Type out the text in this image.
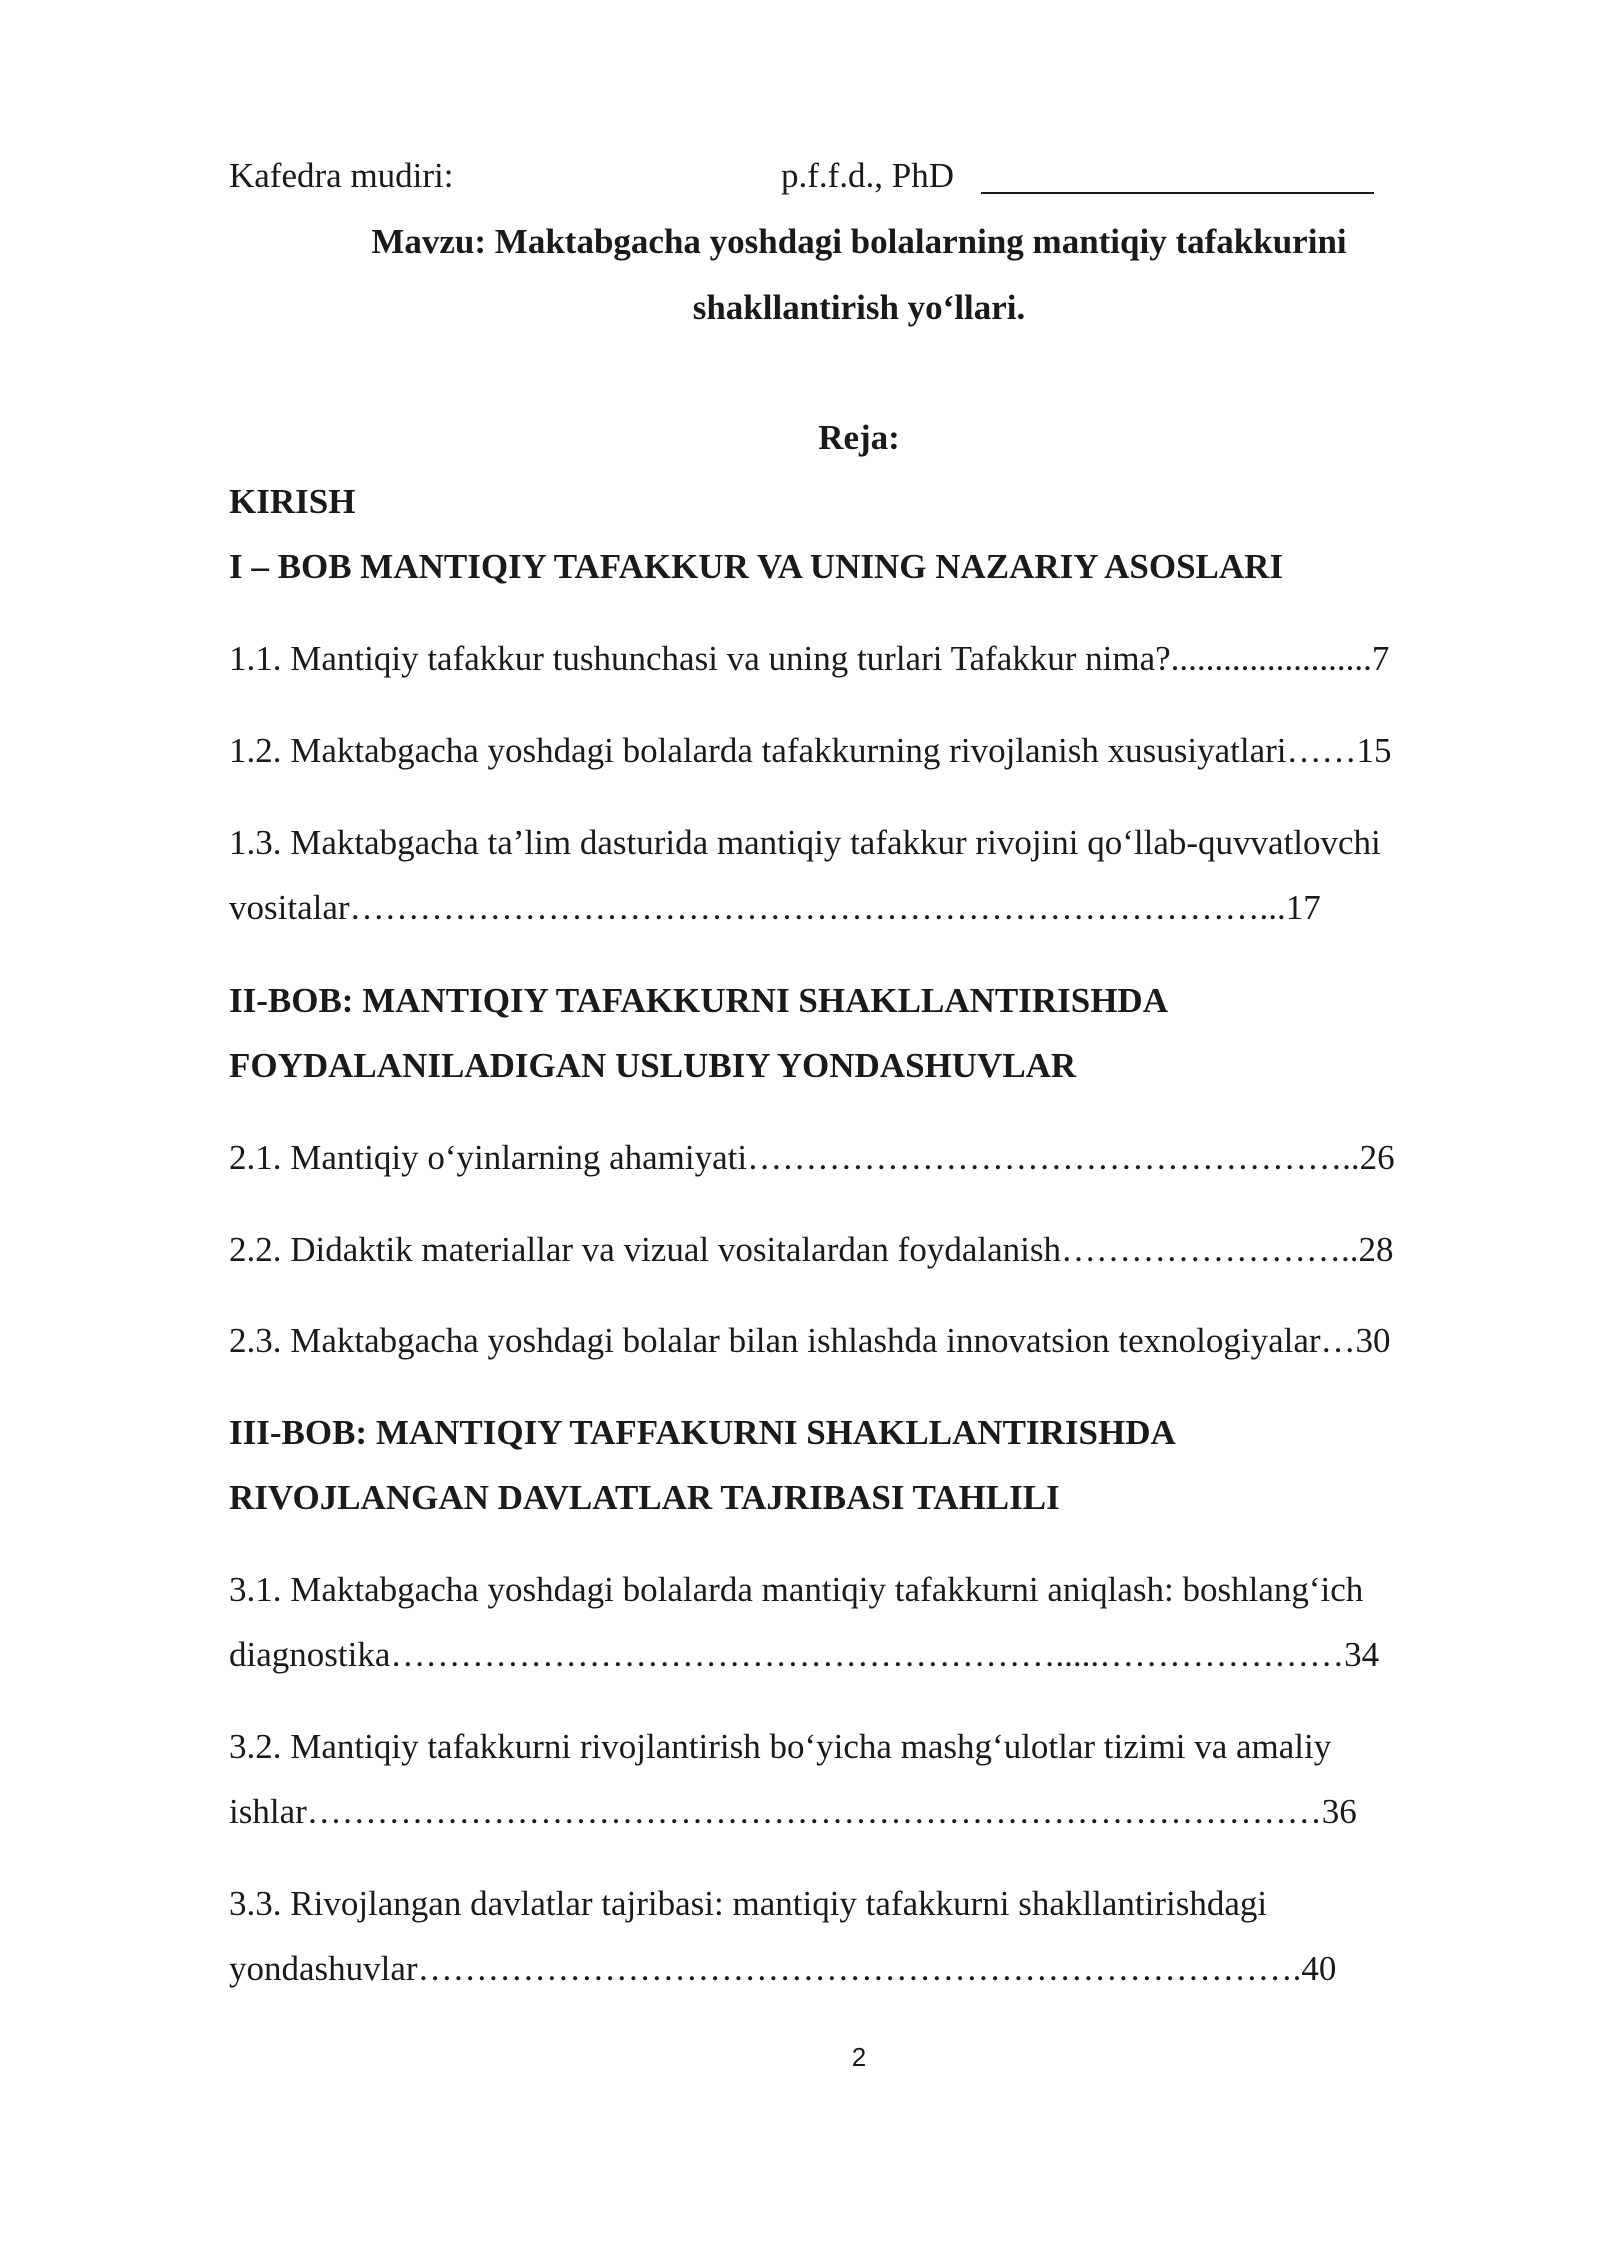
Kafedra mudiri:	p.f.f.d., PhD

Mavzu: Maktabgacha yoshdagi bolalarning mantiqiy tafakkurini

shakllantirish yo‘llari.

Reja:

KIRISH

I – BOB MANTIQIY TAFAKKUR VA UNING NAZARIY ASOSLARI

1.1. Mantiqiy tafakkur tushunchasi va uning turlari Tafakkur nima?.......................7

1.2. Maktabgacha yoshdagi bolalarda tafakkurning rivojlanish xususiyatlari……15

1.3. Maktabgacha ta’lim dasturida mantiqiy tafakkur rivojini qo‘llab-quvvatlovchi

vositalar……………………………………………………………………...17

II-BOB: MANTIQIY TAFAKKURNI SHAKLLANTIRISHDA

FOYDALANILADIGAN USLUBIY YONDASHUVLAR

2.1. Mantiqiy o‘yinlarning ahamiyati……………………………………………..26

2.2. Didaktik materiallar va vizual vositalardan foydalanish……………………..28

2.3. Maktabgacha yoshdagi bolalar bilan ishlashda innovatsion texnologiyalar…30

III-BOB: MANTIQIY TAFFAKURNI SHAKLLANTIRISHDA

RIVOJLANGAN DAVLATLAR TAJRIBASI TAHLILI

3.1. Maktabgacha yoshdagi bolalarda mantiqiy tafakkurni aniqlash: boshlang‘ich

diagnostika………………………………………………….....…………………34

3.2. Mantiqiy tafakkurni rivojlantirish bo‘yicha mashg‘ulotlar tizimi va amaliy

ishlar……………………………………………………………………………36

3.3. Rivojlangan davlatlar tajribasi: mantiqiy tafakkurni shakllantirishdagi

yondashuvlar………………………………………………………………….40

2
